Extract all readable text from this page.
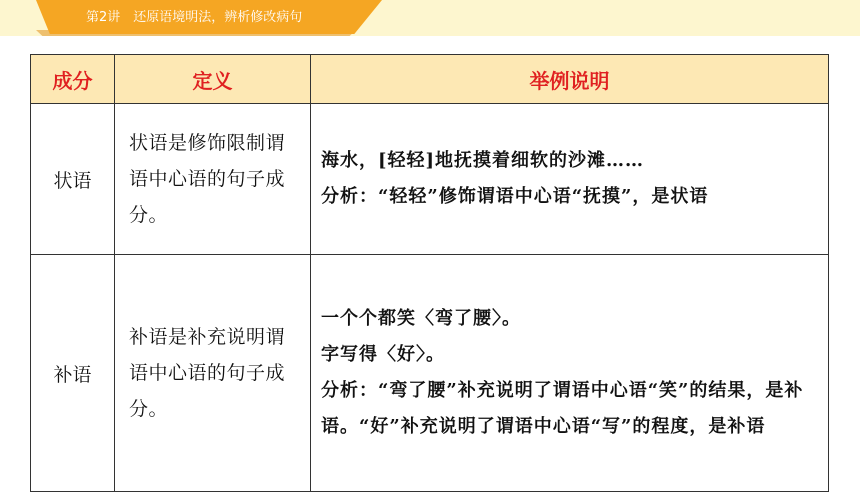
第2讲　还原语境明法，辨析修改病句
成分	定义	举例说明
状语	状语是修饰限制谓语中心语的句子成分。	海水，[轻轻]地抚摸着细软的沙滩……
分析：“轻轻”修饰谓语中心语“抚摸”，是状语

补语	补语是补充说明谓语中心语的句子成分。	一个个都笑〈弯了腰〉。
字写得〈好〉。
分析：“弯了腰”补充说明了谓语中心语“笑”的结果，是补语。“好”补充说明了谓语中心语“写”的程度，是补语
